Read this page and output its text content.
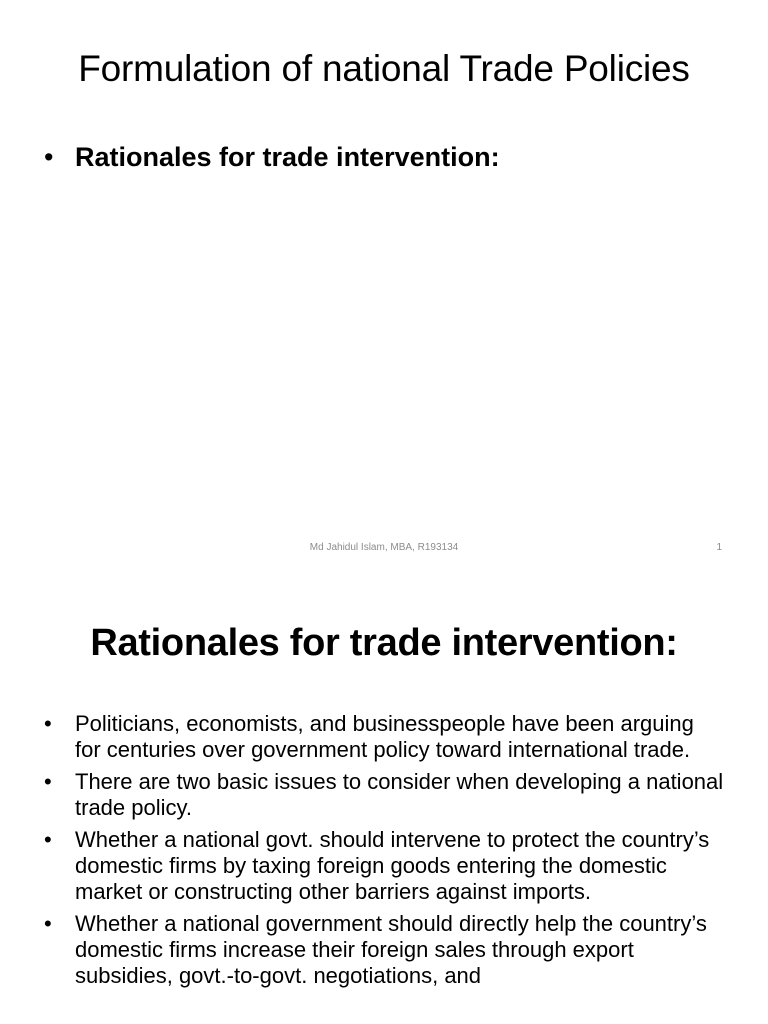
Formulation of national Trade Policies
• Rationales for trade intervention:
Md Jahidul Islam, MBA, R193134	1
Rationales for trade intervention:
• Politicians, economists, and businesspeople have been arguing for centuries over government policy toward international trade.
• There are two basic issues to consider when developing a national trade policy.
• Whether a national govt. should intervene to protect the country’s domestic firms by taxing foreign goods entering the domestic market or constructing other barriers against imports.
• Whether a national government should directly help the country’s domestic firms increase their foreign sales through export subsidies, govt.-to-govt. negotiations, and
